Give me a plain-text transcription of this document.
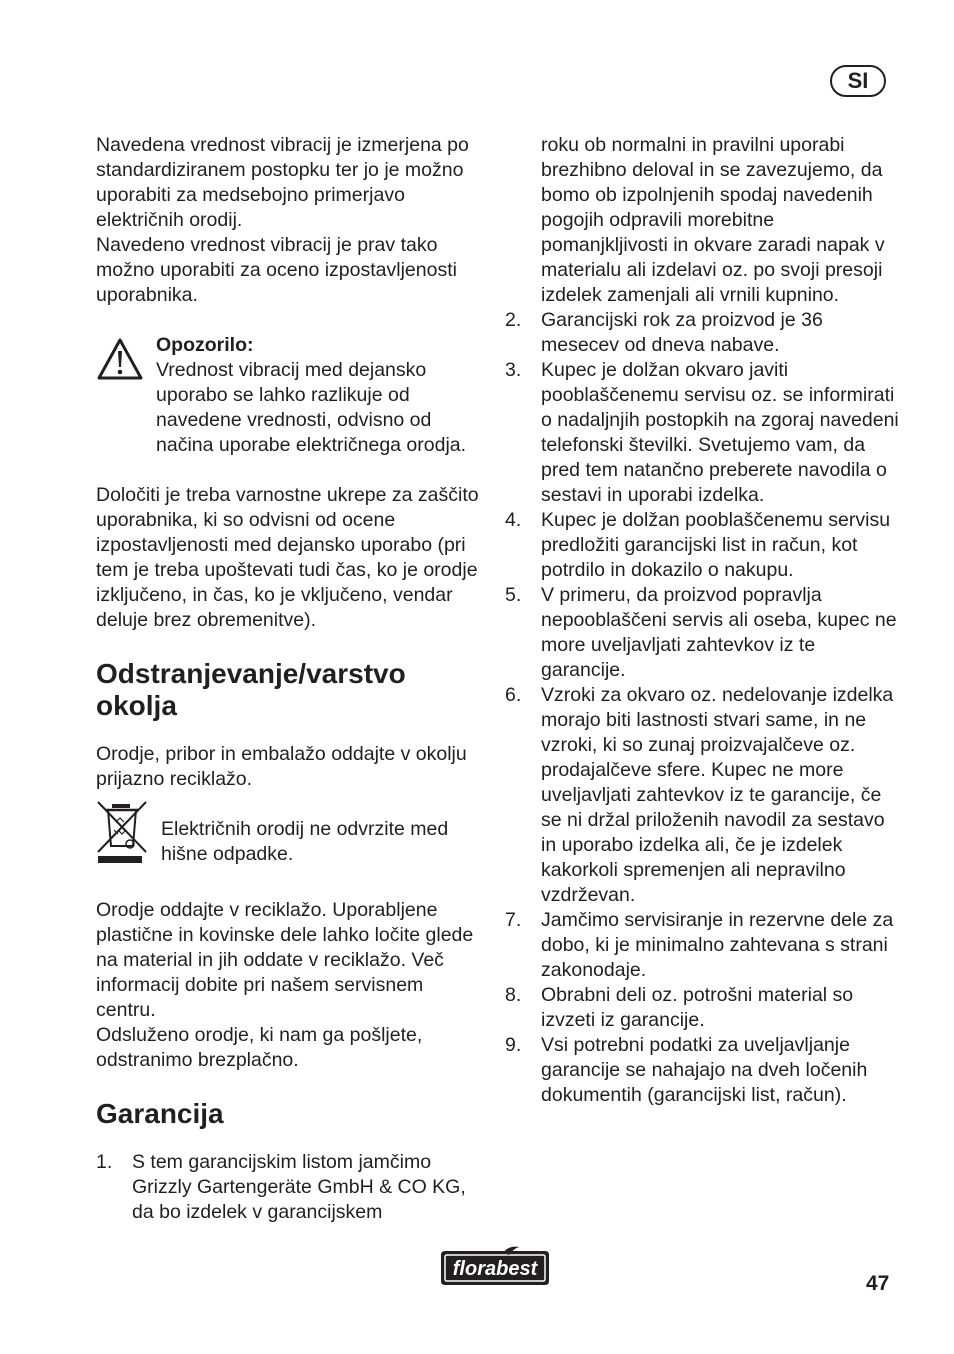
SI

Navedena vrednost vibracij je izmerjena po standardiziranem postopku ter jo je možno uporabiti za medsebojno primerjavo električnih orodij.

Navedeno vrednost vibracij je prav tako možno uporabiti za oceno izpostavljenosti uporabnika.

Opozorilo:
Vrednost vibracij med dejansko uporabo se lahko razlikuje od navedene vrednosti, odvisno od načina uporabe električnega orodja.

Določiti je treba varnostne ukrepe za zaščito uporabnika, ki so odvisni od ocene izpostavljenosti med dejansko uporabo (pri tem je treba upoštevati tudi čas, ko je orodje izključeno, in čas, ko je vključeno, vendar deluje brez obremenitve).

Odstranjevanje/varstvo okolja

Orodje, pribor in embalažo oddajte v okolju prijazno reciklažo.

Električnih orodij ne odvrzite med hišne odpadke.

Orodje oddajte v reciklažo. Uporabljene plastične in kovinske dele lahko ločite glede na material in jih oddate v reciklažo. Več informacij dobite pri našem servisnem centru.

Odsluženo orodje, ki nam ga pošljete, odstranimo brezplačno.

Garancija
1.	S tem garancijskim listom jamčimo Grizzly Gartengeräte GmbH & CO KG, da bo izdelek v garancijskem
roku ob normalni in pravilni uporabi brezhibno deloval in se zavezujemo, da bomo ob izpolnjenih spodaj navedenih pogojih odpravili morebitne pomanjkljivosti in okvare zaradi napak v materialu ali izdelavi oz. po svoji presoji izdelek zamenjali ali vrnili kupnino.
2.	Garancijski rok za proizvod je 36 mesecev od dneva nabave.
3.	Kupec je dolžan okvaro javiti pooblaščenemu servisu oz. se informirati o nadaljnjih postopkih na zgoraj navedeni telefonski številki. Svetujemo vam, da pred tem natančno preberete navodila o sestavi in uporabi izdelka.
4.	Kupec je dolžan pooblaščenemu servisu predložiti garancijski list in račun, kot potrdilo in dokazilo o nakupu.
5.	V primeru, da proizvod popravlja nepooblaščeni servis ali oseba, kupec ne more uveljavljati zahtevkov iz te garancije.
6.	Vzroki za okvaro oz. nedelovanje izdelka morajo biti lastnosti stvari same, in ne vzroki, ki so zunaj proizvajalčeve oz. prodajalčeve sfere. Kupec ne more uveljavljati zahtevkov iz te garancije, če se ni držal priloženih navodil za sestavo in uporabo izdelka ali, če je izdelek kakorkoli spremenjen ali nepravilno vzdrževan.
7.	Jamčimo servisiranje in rezervne dele za dobo, ki je minimalno zahtevana s strani zakonodaje.
8.	Obrabni deli oz. potrošni material so izvzeti iz garancije.
9.	Vsi potrebni podatki za uveljavljanje garancije se nahajajo na dveh ločenih dokumentih (garancijski list, račun).
florabest
47
